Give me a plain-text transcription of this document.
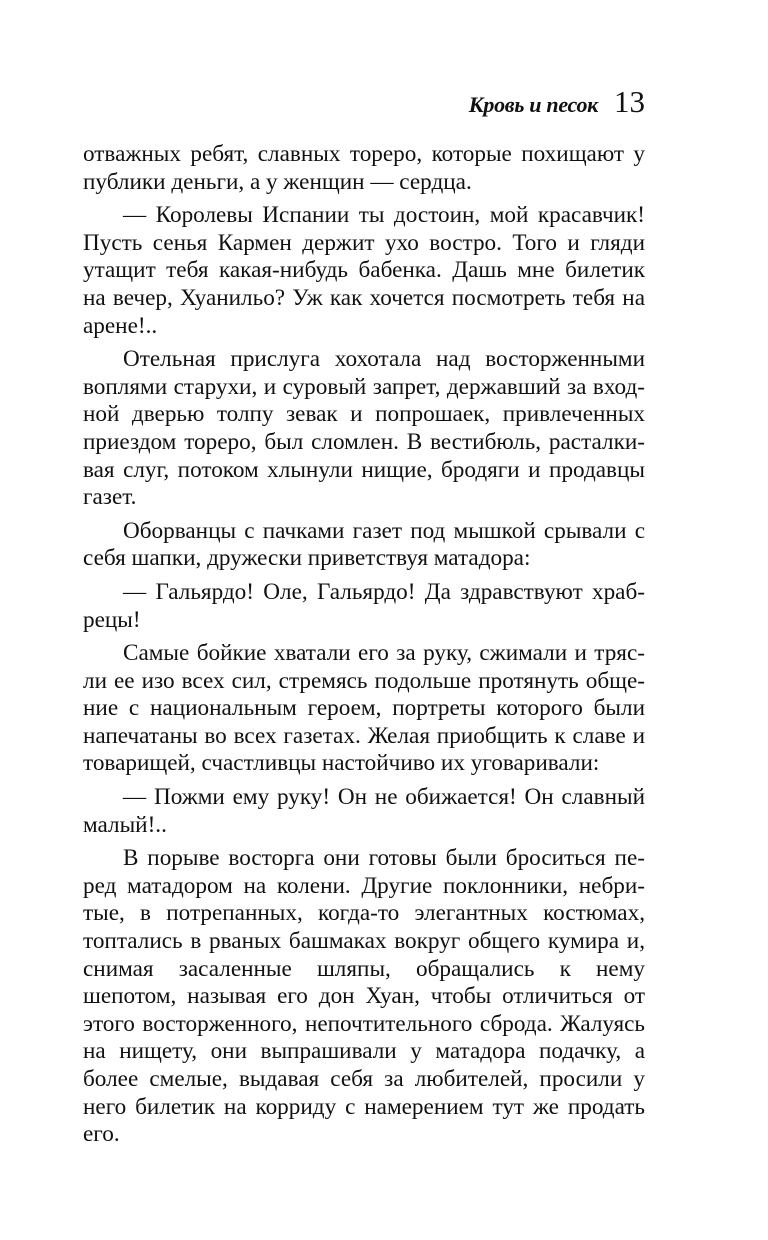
Кровь и песок 13

отважных ребят, славных тореро, которые похищают у публики деньги, а у женщин — сердца.

— Королевы Испании ты достоин, мой красавчик! Пусть сенья Кармен держит ухо востро. Того и гляди утащит тебя какая-нибудь бабенка. Дашь мне билетик на вечер, Хуанильо? Уж как хочется посмотреть тебя на арене!..

Отельная прислуга хохотала над восторженными воплями старухи, и суровый запрет, державший за входной дверью толпу зевак и попрошаек, привлеченных приездом тореро, был сломлен. В вестибюль, расталкивая слуг, потоком хлынули нищие, бродяги и продавцы газет.

Оборванцы с пачками газет под мышкой срывали с себя шапки, дружески приветствуя матадора:

— Гальярдо! Оле, Гальярдо! Да здравствуют храбрецы!

Самые бойкие хватали его за руку, сжимали и трясли ее изо всех сил, стремясь подольше протянуть общение с национальным героем, портреты которого были напечатаны во всех газетах. Желая приобщить к славе и товарищей, счастливцы настойчиво их уговаривали:

— Пожми ему руку! Он не обижается! Он славный малый!..

В порыве восторга они готовы были броситься перед матадором на колени. Другие поклонники, небритые, в потрепанных, когда-то элегантных костюмах, топтались в рваных башмаках вокруг общего кумира и, снимая засаленные шляпы, обращались к нему шепотом, называя его дон Хуан, чтобы отличиться от этого восторженного, непочтительного сброда. Жалуясь на нищету, они выпрашивали у матадора подачку, а более смелые, выдавая себя за любителей, просили у него билетик на корриду с намерением тут же продать его.
